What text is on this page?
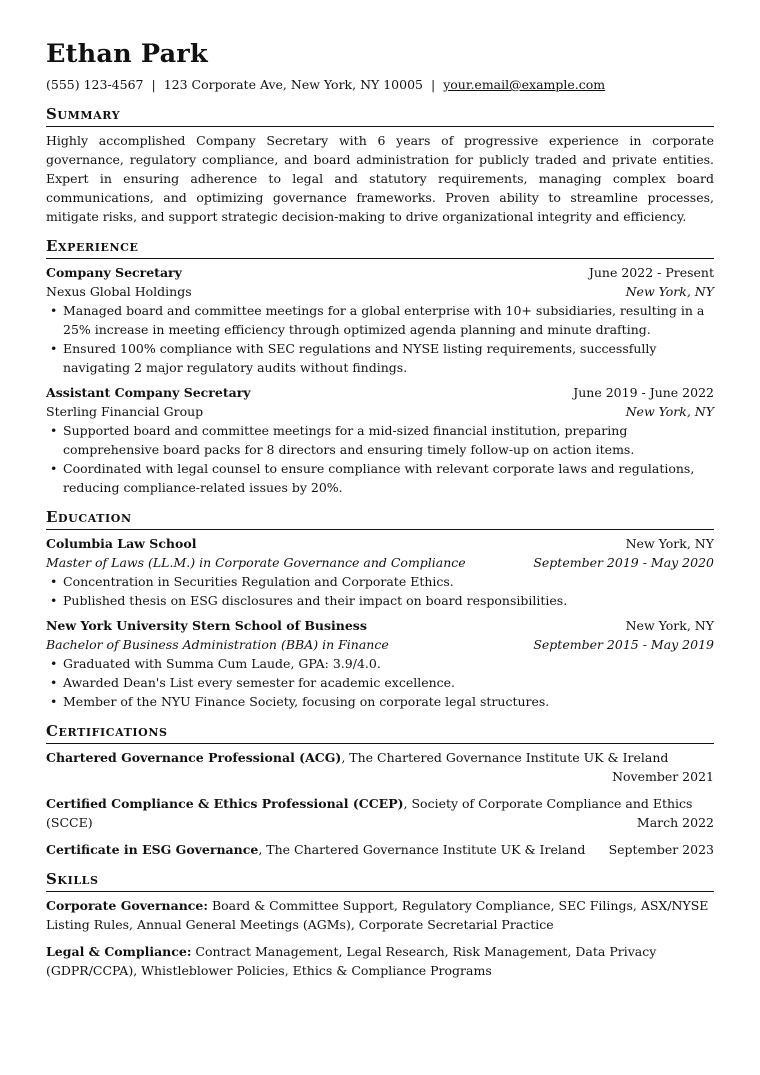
Ethan Park
(555) 123-4567 | 123 Corporate Ave, New York, NY 10005 | your.email@example.com
Summary

Highly accomplished Company Secretary with 6 years of progressive experience in corporate governance, regulatory compliance, and board administration for publicly traded and private entities. Expert in ensuring adherence to legal and statutory requirements, managing complex board communications, and optimizing governance frameworks. Proven ability to streamline processes, mitigate risks, and support strategic decision-making to drive organizational integrity and efficiency.

Experience
Company Secretary	June 2022 - Present
Nexus Global Holdings	New York, NY
• Managed board and committee meetings for a global enterprise with 10+ subsidiaries, resulting in a 25% increase in meeting efficiency through optimized agenda planning and minute drafting.
• Ensured 100% compliance with SEC regulations and NYSE listing requirements, successfully navigating 2 major regulatory audits without findings.
Assistant Company Secretary	June 2019 - June 2022
Sterling Financial Group	New York, NY
• Supported board and committee meetings for a mid-sized financial institution, preparing comprehensive board packs for 8 directors and ensuring timely follow-up on action items.
• Coordinated with legal counsel to ensure compliance with relevant corporate laws and regulations, reducing compliance-related issues by 20%.
Education
Columbia Law School	New York, NY
Master of Laws (LL.M.) in Corporate Governance and Compliance	September 2019 - May 2020
• Concentration in Securities Regulation and Corporate Ethics.
• Published thesis on ESG disclosures and their impact on board responsibilities.
New York University Stern School of Business	New York, NY
Bachelor of Business Administration (BBA) in Finance	September 2015 - May 2019
• Graduated with Summa Cum Laude, GPA: 3.9/4.0.
• Awarded Dean's List every semester for academic excellence.
• Member of the NYU Finance Society, focusing on corporate legal structures.
Certifications
Chartered Governance Professional (ACG), The Chartered Governance Institute UK & Ireland
November 2021
Certified Compliance & Ethics Professional (CCEP), Society of Corporate Compliance and Ethics (SCCE)	March 2022
Certificate in ESG Governance, The Chartered Governance Institute UK & Ireland September 2023
Skills
Corporate Governance: Board & Committee Support, Regulatory Compliance, SEC Filings, ASX/NYSE Listing Rules, Annual General Meetings (AGMs), Corporate Secretarial Practice
Legal & Compliance: Contract Management, Legal Research, Risk Management, Data Privacy (GDPR/CCPA), Whistleblower Policies, Ethics & Compliance Programs
